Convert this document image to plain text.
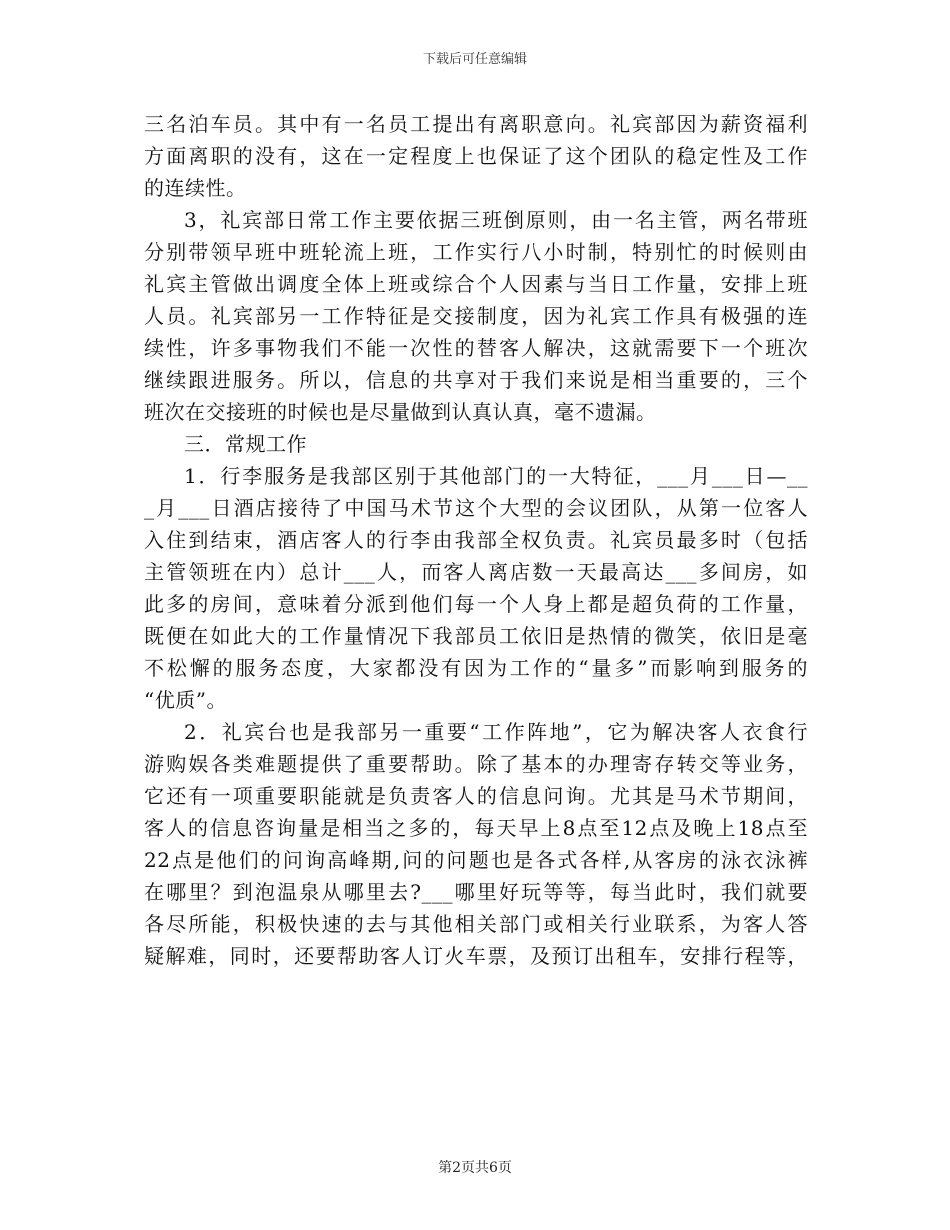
下载后可任意编辑
三名泊车员。其中有一名员工提出有离职意向。礼宾部因为薪资福利
方面离职的没有，这在一定程度上也保证了这个团队的稳定性及工作
的连续性。
3，礼宾部日常工作主要依据三班倒原则，由一名主管，两名带班
分别带领早班中班轮流上班，工作实行八小时制，特别忙的时候则由
礼宾主管做出调度全体上班或综合个人因素与当日工作量，安排上班
人员。礼宾部另一工作特征是交接制度，因为礼宾工作具有极强的连
续性，许多事物我们不能一次性的替客人解决，这就需要下一个班次
继续跟进服务。所以，信息的共享对于我们来说是相当重要的，三个
班次在交接班的时候也是尽量做到认真认真，毫不遗漏。
三．常规工作
1．行李服务是我部区别于其他部门的一大特征，___月___日—__
_月___日酒店接待了中国马术节这个大型的会议团队，从第一位客人
入住到结束，酒店客人的行李由我部全权负责。礼宾员最多时（包括
主管领班在内）总计___人，而客人离店数一天最高达___多间房，如
此多的房间，意味着分派到他们每一个人身上都是超负荷的工作量，
既便在如此大的工作量情况下我部员工依旧是热情的微笑，依旧是毫
不松懈的服务态度，大家都没有因为工作的“量多”而影响到服务的
“优质”。
2．礼宾台也是我部另一重要“工作阵地”，它为解决客人衣食行
游购娱各类难题提供了重要帮助。除了基本的办理寄存转交等业务，
它还有一项重要职能就是负责客人的信息问询。尤其是马术节期间，
客人的信息咨询量是相当之多的，每天早上8点至12点及晚上18点至
22点是他们的问询高峰期,问的问题也是各式各样,从客房的泳衣泳裤
在哪里？到泡温泉从哪里去?___哪里好玩等等，每当此时，我们就要
各尽所能，积极快速的去与其他相关部门或相关行业联系，为客人答
疑解难，同时，还要帮助客人订火车票，及预订出租车，安排行程等，
第2页共6页
